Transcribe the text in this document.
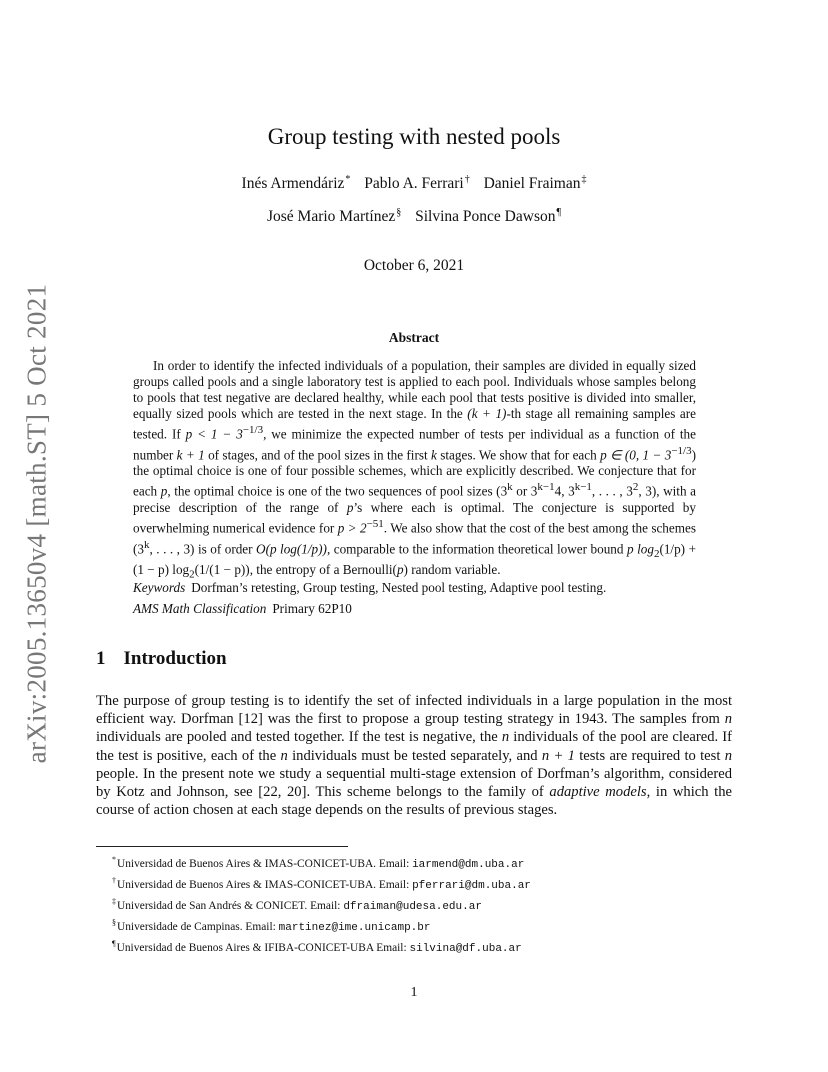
arXiv:2005.13650v4 [math.ST] 5 Oct 2021
Group testing with nested pools
Inés Armendáriz* Pablo A. Ferrari† Daniel Fraiman‡
José Mario Martínez§ Silvina Ponce Dawson¶
October 6, 2021
Abstract

In order to identify the infected individuals of a population, their samples are divided in equally sized groups called pools and a single laboratory test is applied to each pool. Individuals whose samples belong to pools that test negative are declared healthy, while each pool that tests positive is divided into smaller, equally sized pools which are tested in the next stage. In the (k + 1)-th stage all remaining samples are tested. If $p < 1 - 3^{-1/3}$, we minimize the expected number of tests per individual as a function of the number k + 1 of stages, and of the pool sizes in the first k stages. We show that for each p ∈ (0, $1 - 3^{-1/3}$) the optimal choice is one of four possible schemes, which are explicitly described. We conjecture that for each p, the optimal choice is one of the two sequences of pool sizes (3$^k$ or $3^{k-1}4$, $3^{k-1}$, . . . , $3^2$, 3), with a precise description of the range of p’s where each is optimal. The conjecture is supported by overwhelming numerical evidence for $p > 2^{-51}$. We also show that the cost of the best among the schemes (3$^k$, . . . , 3) is of order O(p log(1/p)), comparable to the information theoretical lower bound p $\log_2(1/p) + (1 - p) \log_2(1/(1 - p))$, the entropy of a Bernoulli(p) random variable.

Keywords Dorfman’s retesting, Group testing, Nested pool testing, Adaptive pool testing.
AMS Math Classification Primary 62P10
1 Introduction

The purpose of group testing is to identify the set of infected individuals in a large population in the most efficient way. Dorfman [12] was the first to propose a group testing strategy in 1943. The samples from n individuals are pooled and tested together. If the test is negative, the n individuals of the pool are cleared. If the test is positive, each of the n individuals must be tested separately, and n + 1 tests are required to test n people. In the present note we study a sequential multi-stage extension of Dorfman’s algorithm, considered by Kotz and Johnson, see [22, 20]. This scheme belongs to the family of adaptive models, in which the course of action chosen at each stage depends on the results of previous stages.

*Universidad de Buenos Aires & IMAS-CONICET-UBA. Email: iarmend@dm.uba.ar
†Universidad de Buenos Aires & IMAS-CONICET-UBA. Email: pferrari@dm.uba.ar
‡Universidad de San Andrés & CONICET. Email: dfraiman@udesa.edu.ar
§Universidade de Campinas. Email: martinez@ime.unicamp.br
¶Universidad de Buenos Aires & IFIBA-CONICET-UBA Email: silvina@df.uba.ar
1
